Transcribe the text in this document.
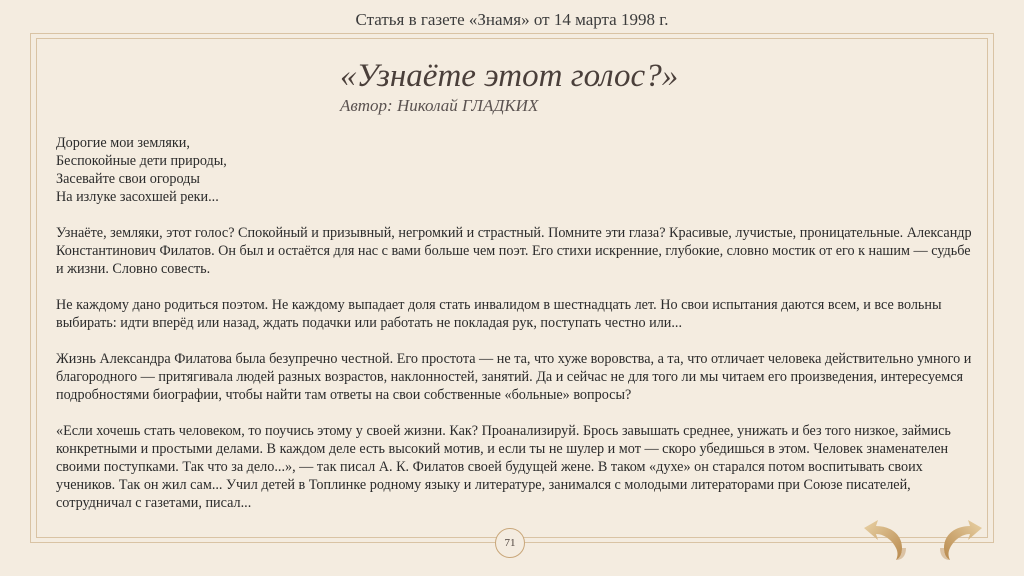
Статья в газете «Знамя» от 14 марта 1998 г.
«Узнаёте этот голос?»
Автор: Николай ГЛАДКИХ

Дорогие мои земляки,
Беспокойные дети природы,
Засевайте свои огороды
На излуке засохшей реки...

Узнаёте, земляки, этот голос? Спокойный и призывный, негромкий и страстный. Помните эти глаза? Красивые, лучистые, проницательные. Александр Константинович Филатов. Он был и остаётся для нас с вами больше чем поэт. Его стихи искренние, глубокие, словно мостик от его к нашим — судьбе и жизни. Словно совесть.

Не каждому дано родиться поэтом. Не каждому выпадает доля стать инвалидом в шестнадцать лет. Но свои испытания даются всем, и все вольны выбирать: идти вперёд или назад, ждать подачки или работать не покладая рук, поступать честно или...

Жизнь Александра Филатова была безупречно честной. Его простота — не та, что хуже воровства, а та, что отличает человека действительно умного и благородного — притягивала людей разных возрастов, наклонностей, занятий. Да и сейчас не для того ли мы читаем его произведения, интересуемся подробностями биографии, чтобы найти там ответы на свои собственные «больные» вопросы?

«Если хочешь стать человеком, то поучись этому у своей жизни. Как? Проанализируй. Брось завышать среднее, унижать и без того низкое, займись конкретными и простыми делами. В каждом деле есть высокий мотив, и если ты не шулер и мот — скоро убедишься в этом. Человек знаменателен своими поступками. Так что за дело...», — так писал А. К. Филатов своей будущей жене. В таком «духе» он старался потом воспитывать своих учеников. Так он жил сам... Учил детей в Топлинке родному языку и литературе, занимался с молодыми литераторами при Союзе писателей, сотрудничал с газетами, писал...

71
